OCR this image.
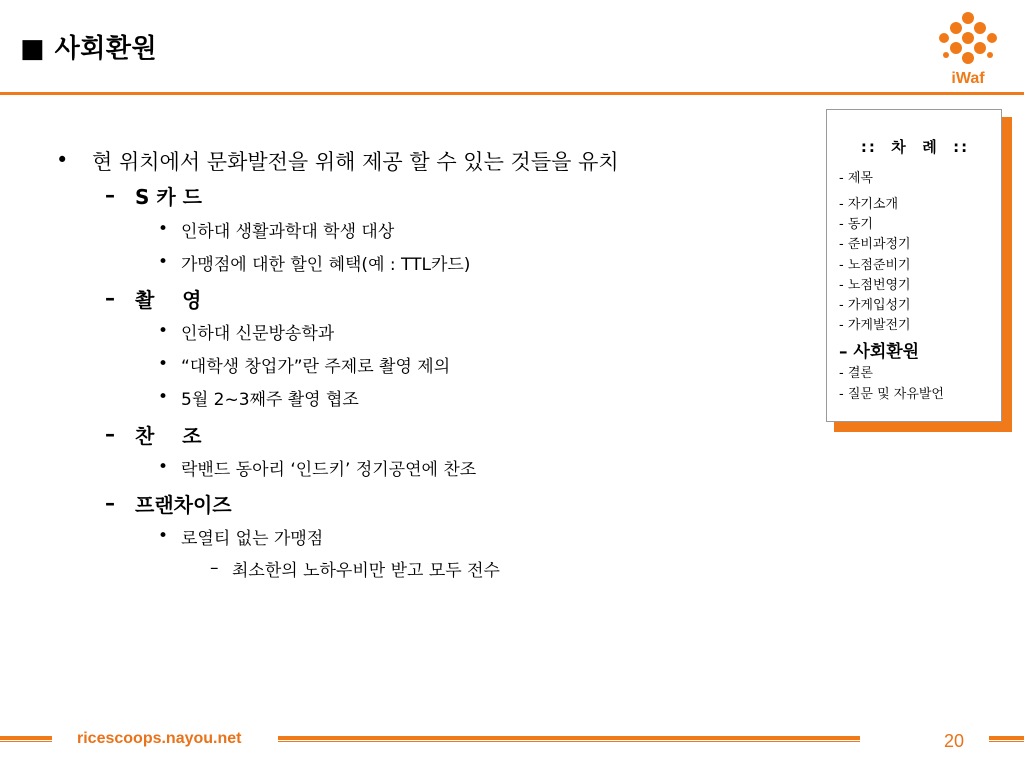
■ 사회환원
iWaf
• 현 위치에서 문화발전을 위해 제공 할 수 있는 것들을 유치
– S 카 드
• 인하대 생활과학대 학생 대상
• 가맹점에 대한 할인 혜택(예 : TTL카드)
– 촬    영
• 인하대 신문방송학과
• “대학생 창업가”란 주제로 촬영 제의
• 5월 2~3째주 촬영 협조
– 찬    조
• 락밴드 동아리 ‘인드키’ 정기공연에 찬조
– 프랜차이즈
• 로열티 없는 가맹점
– 최소한의 노하우비만 받고 모두 전수
::  차  례  ::
- 제목
- 자기소개
- 동기
- 준비과정기
- 노점준비기
- 노점번영기
- 가게입성기
- 가게발전기
– 사회환원
- 결론
- 질문 및 자유발언
ricescoops.nayou.net	20
